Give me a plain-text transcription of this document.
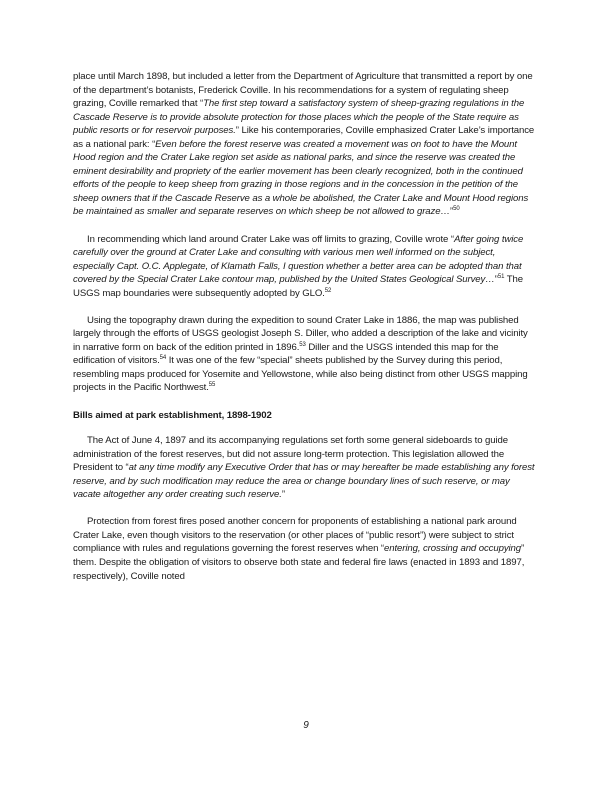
place until March 1898, but included a letter from the Department of Agriculture that transmitted a report by one of the department’s botanists, Frederick Coville. In his recommendations for a system of regulating sheep grazing, Coville remarked that “The first step toward a satisfactory system of sheep-grazing regulations in the Cascade Reserve is to provide absolute protection for those places which the people of the State require as public resorts or for reservoir purposes.” Like his contemporaries, Coville emphasized Crater Lake’s importance as a national park: “Even before the forest reserve was created a movement was on foot to have the Mount Hood region and the Crater Lake region set aside as national parks, and since the reserve was created the eminent desirability and propriety of the earlier movement has been clearly recognized, both in the continued efforts of the people to keep sheep from grazing in those regions and in the concession in the petition of the sheep owners that if the Cascade Reserve as a whole be abolished, the Crater Lake and Mount Hood regions be maintained as smaller and separate reserves on which sheep be not allowed to graze…”$^{50}$

In recommending which land around Crater Lake was off limits to grazing, Coville wrote “After going twice carefully over the ground at Crater Lake and consulting with various men well informed on the subject, especially Capt. O.C. Applegate, of Klamath Falls, I question whether a better area can be adopted than that covered by the Special Crater Lake contour map, published by the United States Geological Survey…”$^{51}$ The USGS map boundaries were subsequently adopted by GLO.$^{52}$

Using the topography drawn during the expedition to sound Crater Lake in 1886, the map was published largely through the efforts of USGS geologist Joseph S. Diller, who added a description of the lake and vicinity in narrative form on back of the edition printed in 1896.53 Diller and the USGS intended this map for the edification of visitors.$^{54}$ It was one of the few “special” sheets published by the Survey during this period, resembling maps produced for Yosemite and Yellowstone, while also being distinct from other USGS mapping projects in the Pacific Northwest.$^{55}$

Bills aimed at park establishment, 1898-1902

The Act of June 4, 1897 and its accompanying regulations set forth some general sideboards to guide administration of the forest reserves, but did not assure long-term protection. This legislation allowed the President to “at any time modify any Executive Order that has or may hereafter be made establishing any forest reserve, and by such modification may reduce the area or change boundary lines of such reserve, or may vacate altogether any order creating such reserve.”

Protection from forest fires posed another concern for proponents of establishing a national park around Crater Lake, even though visitors to the reservation (or other places of “public resort”) were subject to strict compliance with rules and regulations governing the forest reserves when “entering, crossing and occupying” them. Despite the obligation of visitors to observe both state and federal fire laws (enacted in 1893 and 1897, respectively), Coville noted

9
